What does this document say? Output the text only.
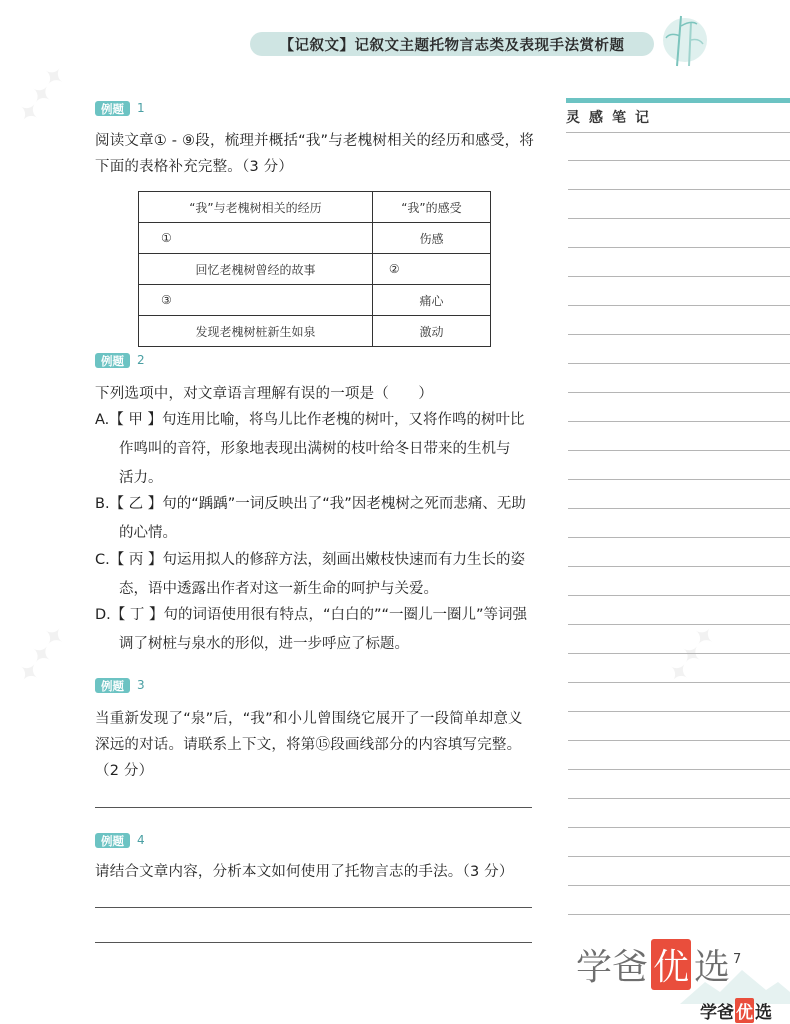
✦✦✦
✦✦✦	✦✦✦
【记叙文】记叙文主题托物言志类及表现手法赏析题
例题 1
阅读文章① - ⑨段，梳理并概括“我”与老槐树相关的经历和感受，将下面的表格补充完整。（3 分）
“我”与老槐树相关的经历	“我”的感受
①	伤感
回忆老槐树曾经的故事	②
③	痛心
发现老槐树桩新生如泉	激动
例题 2
下列选项中，对文章语言理解有误的一项是（　　）
A.【 甲 】句连用比喻，将鸟儿比作老槐的树叶，又将作鸣的树叶比
作鸣叫的音符，形象地表现出满树的枝叶给冬日带来的生机与
活力。
B.【 乙 】句的“踽踽”一词反映出了“我”因老槐树之死而悲痛、无助
的心情。
C.【 丙 】句运用拟人的修辞方法，刻画出嫩枝快速而有力生长的姿
态，语中透露出作者对这一新生命的呵护与关爱。
D.【 丁 】句的词语使用很有特点，“白白的”“一圈儿一圈儿”等词强
调了树桩与泉水的形似，进一步呼应了标题。
例题 3
当重新发现了“泉”后，“我”和小儿曾围绕它展开了一段简单却意义深远的对话。请联系上下文，将第⑮段画线部分的内容填写完整。（2 分）
例题 4
请结合文章内容，分析本文如何使用了托物言志的手法。（3 分）
灵感笔记
学爸 优 选 7
学爸 优 选
